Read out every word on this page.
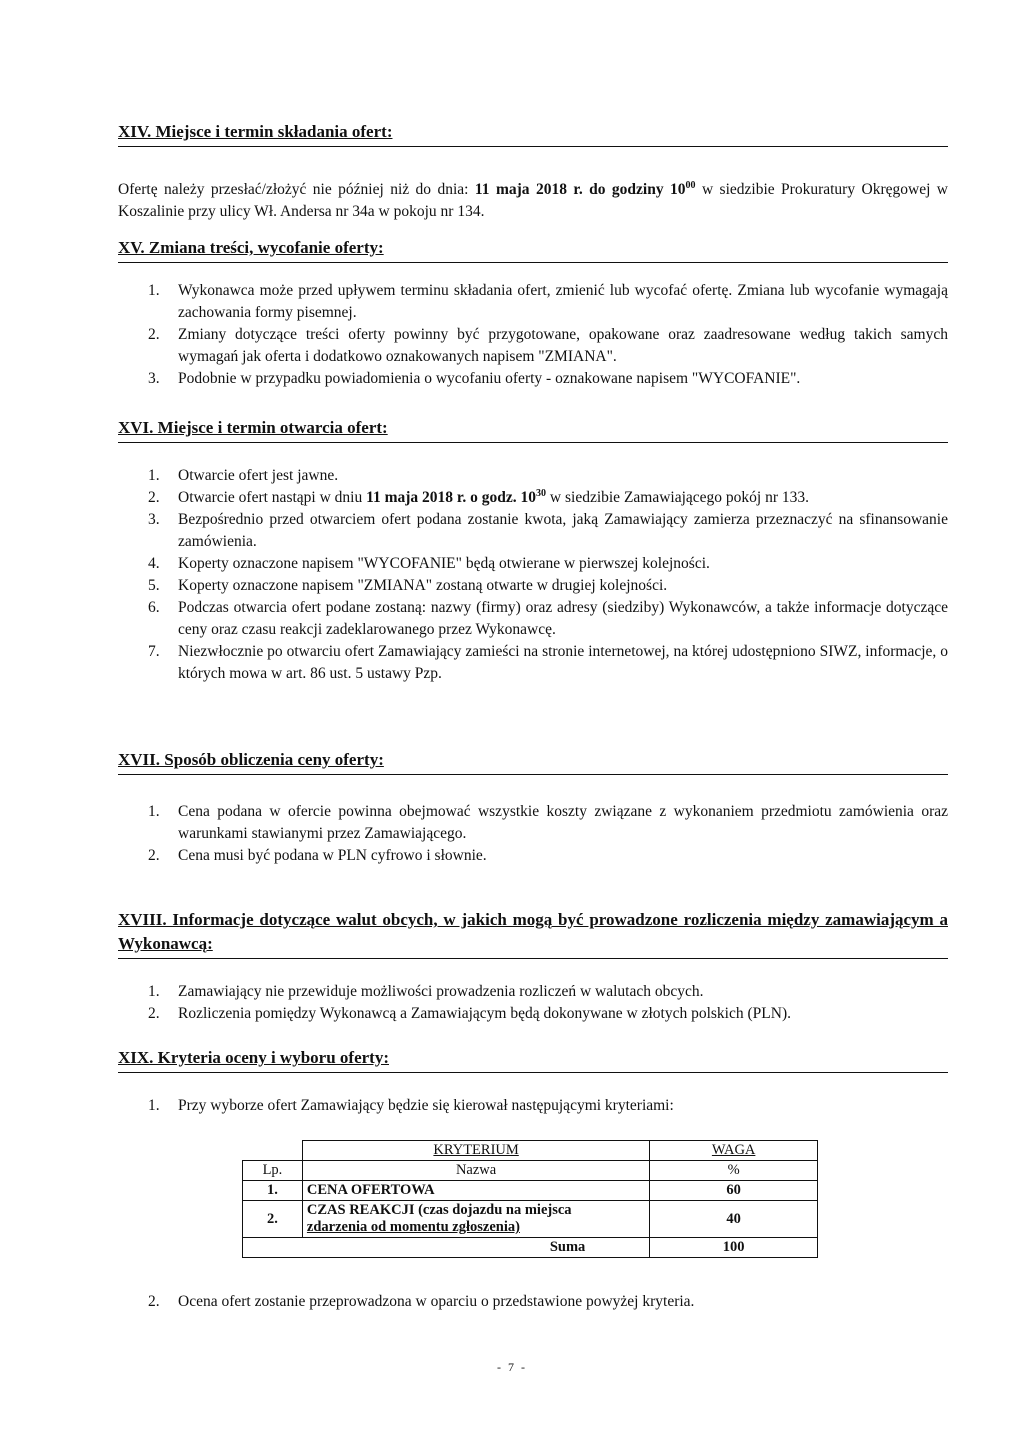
XIV. Miejsce i termin składania ofert:

Ofertę należy przesłać/złożyć nie później niż do dnia: 11 maja 2018 r. do godziny $10^{00}$ w siedzibie Prokuratury Okręgowej w Koszalinie przy ulicy Wł. Andersa nr 34a w pokoju nr 134.

XV. Zmiana treści, wycofanie oferty:
1. Wykonawca może przed upływem terminu składania ofert, zmienić lub wycofać ofertę. Zmiana lub wycofanie wymagają zachowania formy pisemnej.
2. Zmiany dotyczące treści oferty powinny być przygotowane, opakowane oraz zaadresowane według takich samych wymagań jak oferta i dodatkowo oznakowanych napisem "ZMIANA".
3. Podobnie w przypadku powiadomienia o wycofaniu oferty - oznakowane napisem "WYCOFANIE".
XVI. Miejsce i termin otwarcia ofert:
1. Otwarcie ofert jest jawne.
2. Otwarcie ofert nastąpi w dniu 11 maja 2018 r. o godz. $10^{30}$ w siedzibie Zamawiającego pokój nr 133.
3. Bezpośrednio przed otwarciem ofert podana zostanie kwota, jaką Zamawiający zamierza przeznaczyć na sfinansowanie zamówienia.
4. Koperty oznaczone napisem "WYCOFANIE" będą otwierane w pierwszej kolejności.
5. Koperty oznaczone napisem "ZMIANA" zostaną otwarte w drugiej kolejności.
6. Podczas otwarcia ofert podane zostaną: nazwy (firmy) oraz adresy (siedziby) Wykonawców, a także informacje dotyczące ceny oraz czasu reakcji zadeklarowanego przez Wykonawcę.
7. Niezwłocznie po otwarciu ofert Zamawiający zamieści na stronie internetowej, na której udostępniono SIWZ, informacje, o których mowa w art. 86 ust. 5 ustawy Pzp.
XVII. Sposób obliczenia ceny oferty:
1. Cena podana w ofercie powinna obejmować wszystkie koszty związane z wykonaniem przedmiotu zamówienia oraz warunkami stawianymi przez Zamawiającego.
2. Cena musi być podana w PLN cyfrowo i słownie.
XVIII. Informacje dotyczące walut obcych, w jakich mogą być prowadzone rozliczenia między zamawiającym a Wykonawcą:
1. Zamawiający nie przewiduje możliwości prowadzenia rozliczeń w walutach obcych.
2. Rozliczenia pomiędzy Wykonawcą a Zamawiającym będą dokonywane w złotych polskich (PLN).
XIX. Kryteria oceny i wyboru oferty:
1. Przy wyborze ofert Zamawiający będzie się kierował następującymi kryteriami:
	KRYTERIUM	WAGA
Lp.	Nazwa	%
1.	CENA OFERTOWA	60
2.	CZAS REAKCJI (czas dojazdu na miejsca
zdarzenia od momentu zgłoszenia)	40
	Suma	100
2. Ocena ofert zostanie przeprowadzona w oparciu o przedstawione powyżej kryteria.
- 7 -
